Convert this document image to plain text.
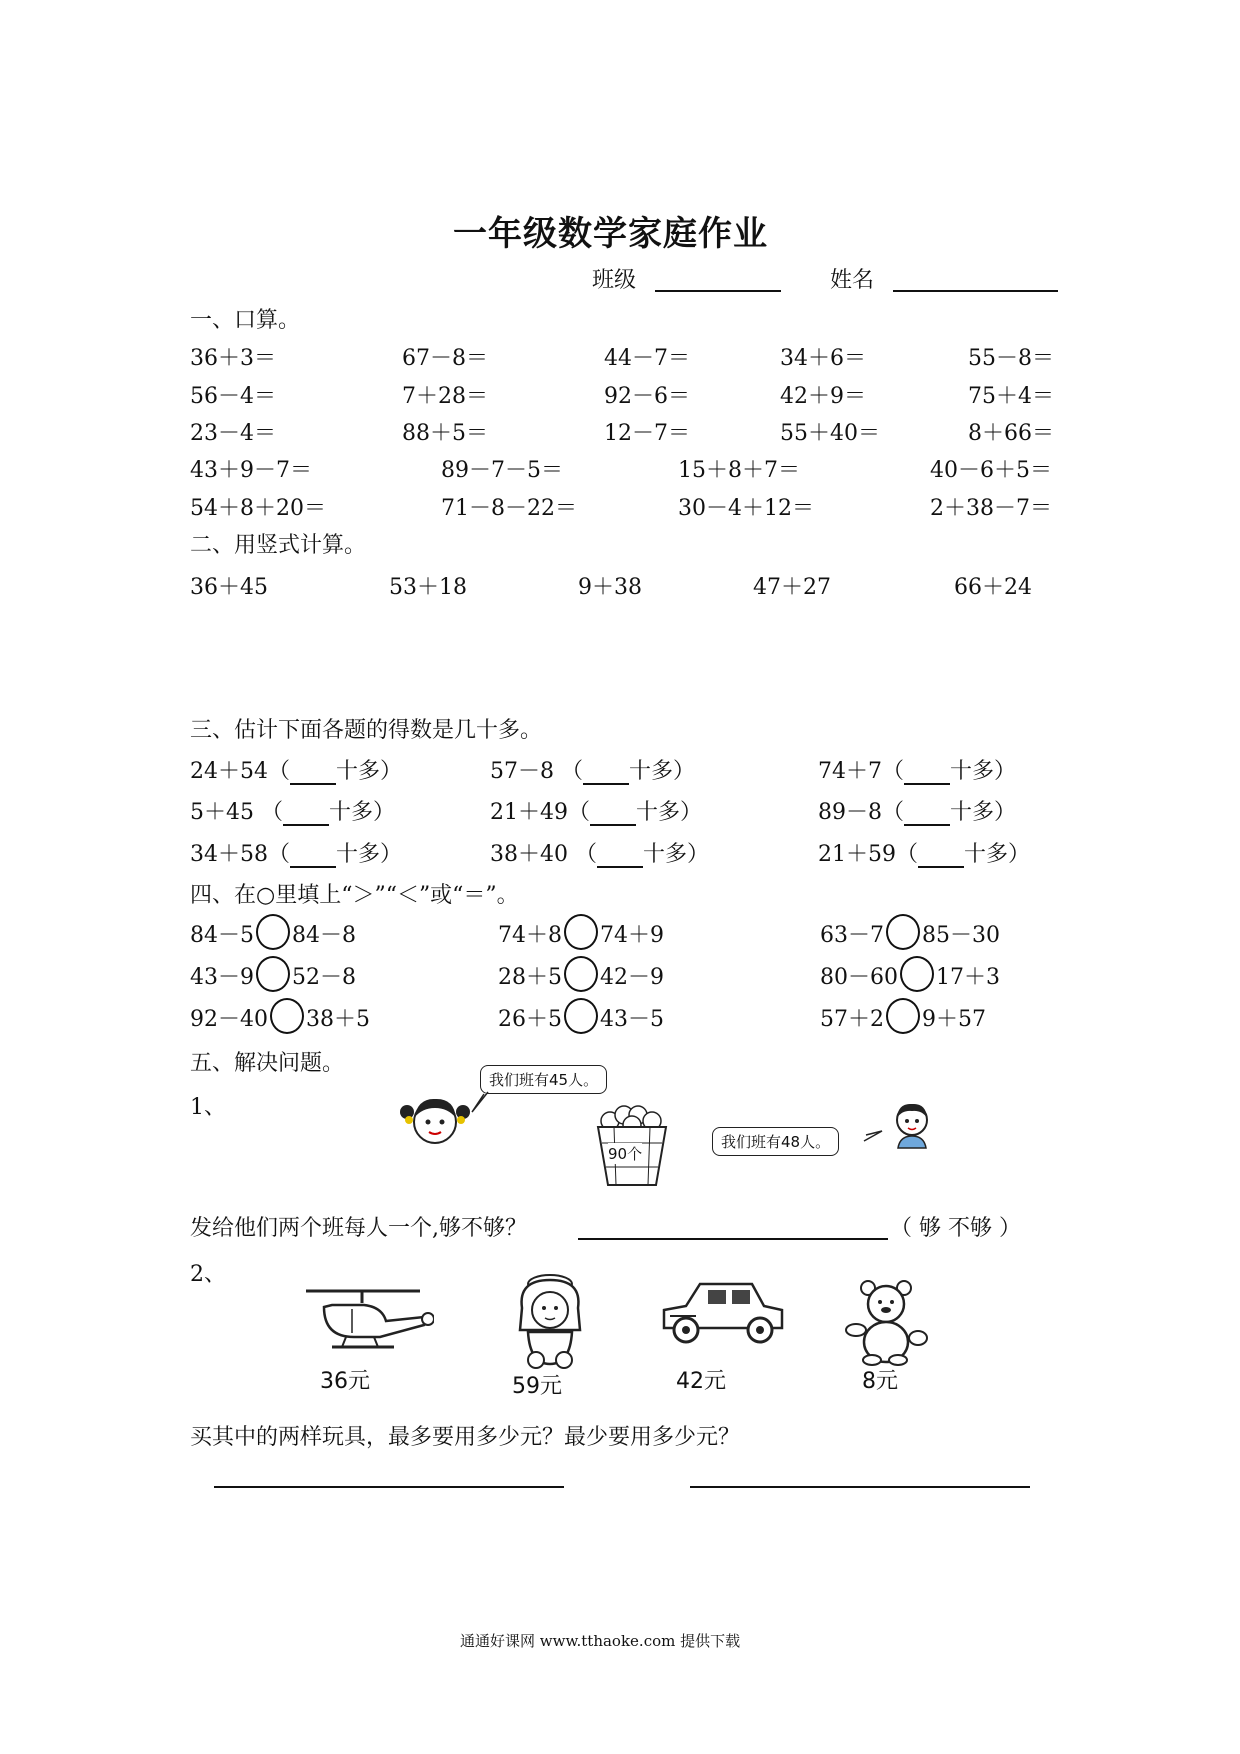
一年级数学家庭作业
班级	姓名
一、口算。
36＋3＝	67－8＝	44－7＝	34＋6＝	55－8＝
56－4＝	7＋28＝	92－6＝	42＋9＝	75＋4＝
23－4＝	88＋5＝	12－7＝	55＋40＝	8＋66＝
43＋9－7＝	89－7－5＝	15＋8＋7＝	40－6＋5＝
54＋8＋20＝	71－8－22＝	30－4＋12＝	2＋38－7＝
二、用竖式计算。
36＋45	53＋18	9＋38	47＋27	66＋24
三、估计下面各题的得数是几十多。
24＋54（ 十多）	57－8 （ 十多）	74＋7（ 十多）
5＋45 （ 十多）	21＋49（ 十多）	89－8（ 十多）
34＋58（ 十多）	38＋40 （ 十多）	21＋59（ 十多）
四、在○里填上“＞”“＜”或“＝”。
84－5 84－8	74＋8 74＋9	63－7 85－30
43－9 52－8	28＋5 42－9	80－60 17＋3
92－40 38＋5	26＋5 43－5	57＋2 9＋57
五、解决问题。
1、
我们班有45人。
90个
我们班有48人。
发给他们两个班每人一个,够不够？	（ 够 不够 ）
2、
36元	59元	42元	8元
买其中的两样玩具，最多要用多少元？最少要用多少元？
通通好课网 www.tthaoke.com 提供下载
